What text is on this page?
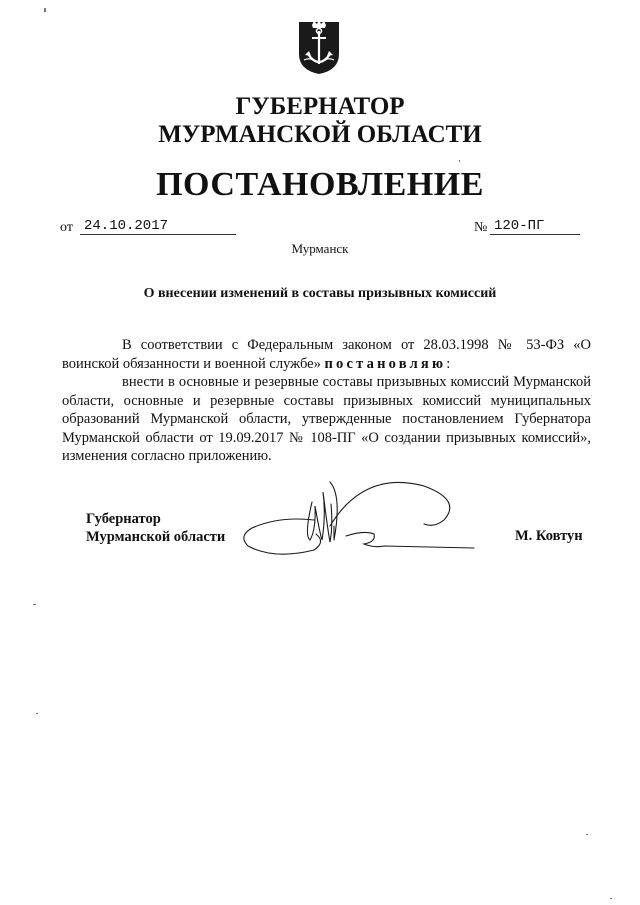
ГУБЕРНАТОР
МУРМАНСКОЙ ОБЛАСТИ
ПОСТАНОВЛЕНИЕ
от 24.10.2017	№ 120-ПГ
Мурманск
О внесении изменений в составы призывных комиссий
В соответствии с Федеральным законом от 28.03.1998 № 53-ФЗ «О воинской обязанности и военной службе» постановляю:
внести в основные и резервные составы призывных комиссий Мурманской области, основные и резервные составы призывных комиссий муниципальных образований Мурманской области, утвержденные постановлением Губернатора Мурманской области от 19.09.2017 № 108-ПГ «О создании призывных комиссий», изменения согласно приложению.
Губернатор
Мурманской области	М. Ковтун
